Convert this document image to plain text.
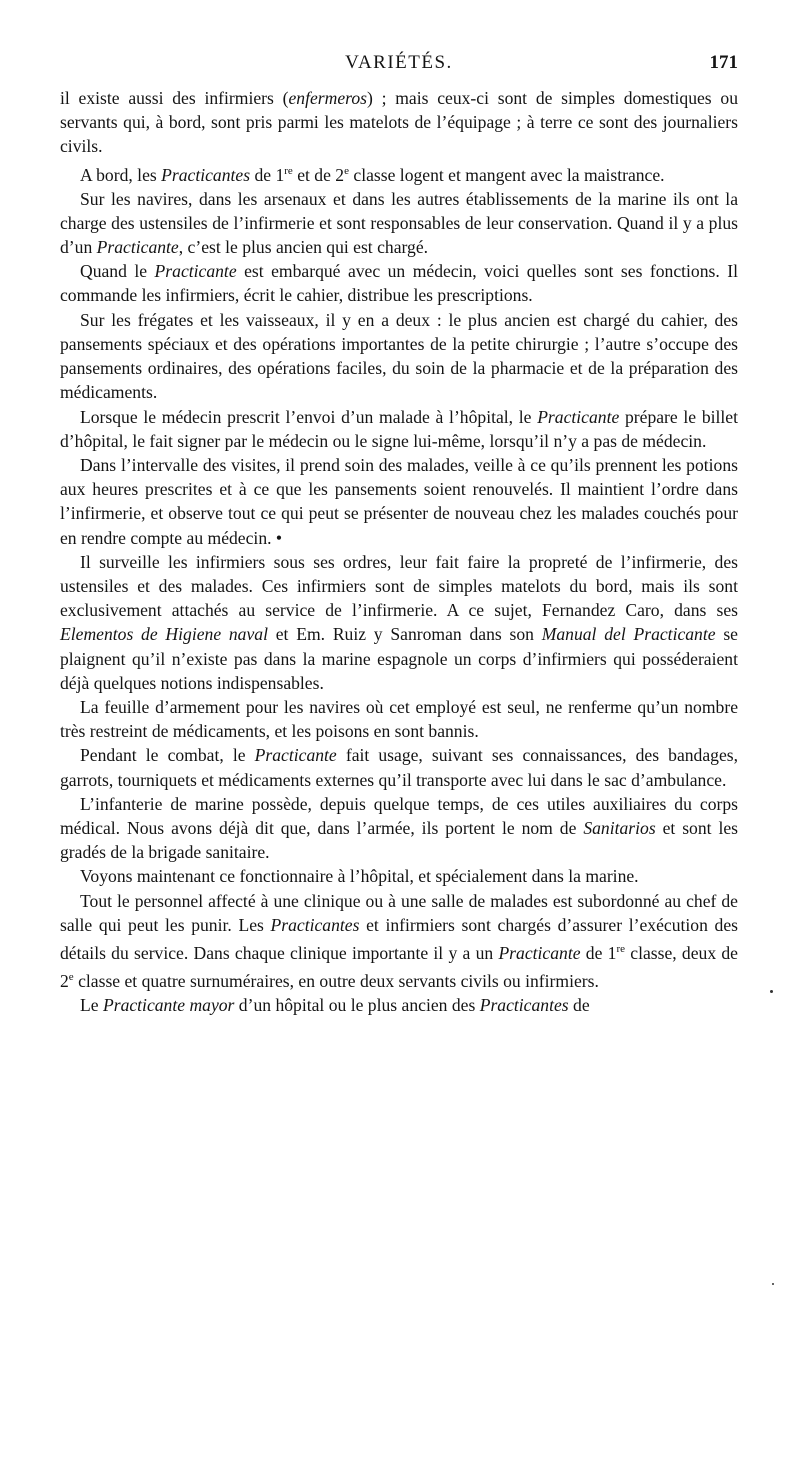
VARIÉTÉS.	171

il existe aussi des infirmiers (enfermeros) ; mais ceux-ci sont de simples domestiques ou servants qui, à bord, sont pris parmi les matelots de l’équipage ; à terre ce sont des journaliers civils.

A bord, les Practicantes de 1re et de 2e classe logent et mangent avec la maistrance.

Sur les navires, dans les arsenaux et dans les autres établissements de la marine ils ont la charge des ustensiles de l’infirmerie et sont responsables de leur conservation. Quand il y a plus d’un Practicante, c’est le plus ancien qui est chargé.

Quand le Practicante est embarqué avec un médecin, voici quelles sont ses fonctions. Il commande les infirmiers, écrit le cahier, distribue les prescriptions.

Sur les frégates et les vaisseaux, il y en a deux : le plus ancien est chargé du cahier, des pansements spéciaux et des opérations importantes de la petite chirurgie ; l’autre s’occupe des pansements ordinaires, des opérations faciles, du soin de la pharmacie et de la préparation des médicaments.

Lorsque le médecin prescrit l’envoi d’un malade à l’hôpital, le Practicante prépare le billet d’hôpital, le fait signer par le médecin ou le signe lui-même, lorsqu’il n’y a pas de médecin.

Dans l’intervalle des visites, il prend soin des malades, veille à ce qu’ils prennent les potions aux heures prescrites et à ce que les pansements soient renouvelés. Il maintient l’ordre dans l’infirmerie, et observe tout ce qui peut se présenter de nouveau chez les malades couchés pour en rendre compte au médecin. •

Il surveille les infirmiers sous ses ordres, leur fait faire la propreté de l’infirmerie, des ustensiles et des malades. Ces infirmiers sont de simples matelots du bord, mais ils sont exclusivement attachés au service de l’infirmerie. A ce sujet, Fernandez Caro, dans ses Elementos de Higiene naval et Em. Ruiz y Sanroman dans son Manual del Practicante se plaignent qu’il n’existe pas dans la marine espagnole un corps d’infirmiers qui posséderaient déjà quelques notions indispensables.

La feuille d’armement pour les navires où cet employé est seul, ne renferme qu’un nombre très restreint de médicaments, et les poisons en sont bannis.

Pendant le combat, le Practicante fait usage, suivant ses connaissances, des bandages, garrots, tourniquets et médicaments externes qu’il transporte avec lui dans le sac d’ambulance.

L’infanterie de marine possède, depuis quelque temps, de ces utiles auxiliaires du corps médical. Nous avons déjà dit que, dans l’armée, ils portent le nom de Sanitarios et sont les gradés de la brigade sanitaire.

Voyons maintenant ce fonctionnaire à l’hôpital, et spécialement dans la marine.

Tout le personnel affecté à une clinique ou à une salle de malades est subordonné au chef de salle qui peut les punir. Les Practicantes et infirmiers sont chargés d’assurer l’exécution des détails du service. Dans chaque clinique importante il y a un Practicante de 1re classe, deux de 2e classe et quatre surnuméraires, en outre deux servants civils ou infirmiers.

Le Practicante mayor d’un hôpital ou le plus ancien des Practicantes de
